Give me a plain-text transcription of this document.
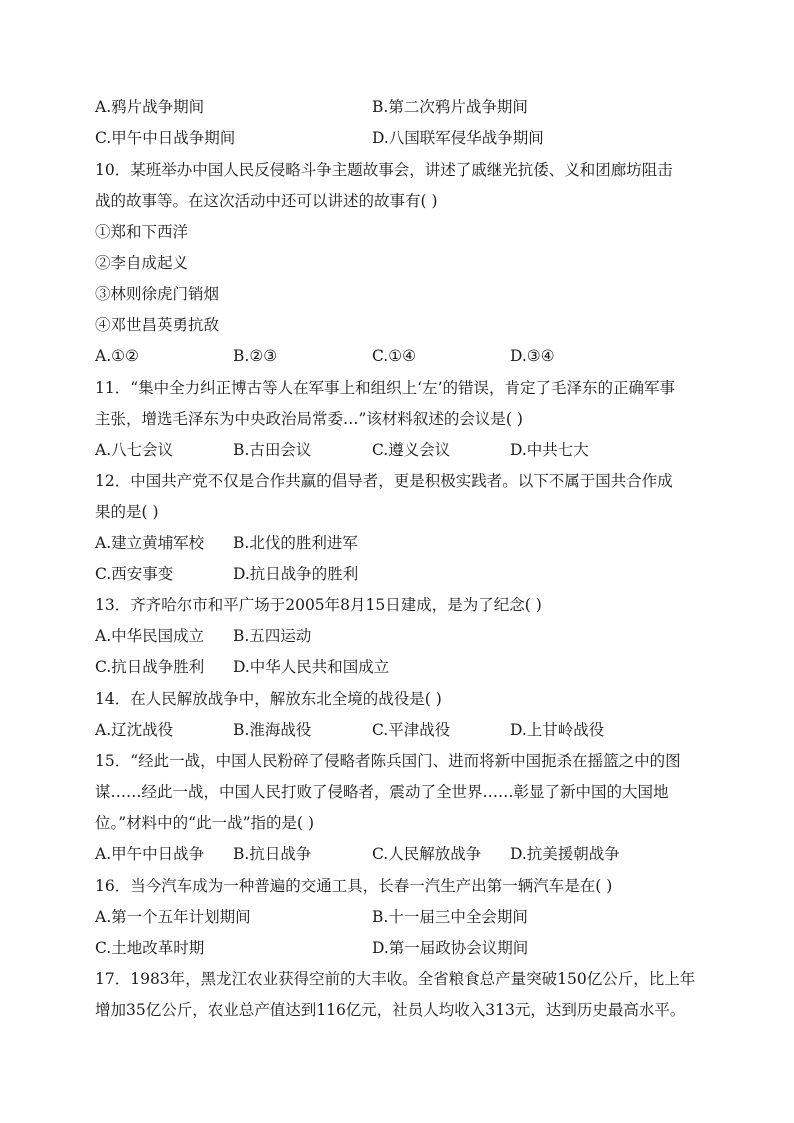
A.鸦片战争期间	B.第二次鸦片战争期间
C.甲午中日战争期间	D.八国联军侵华战争期间
10．某班举办中国人民反侵略斗争主题故事会，讲述了戚继光抗倭、义和团廊坊阻击
战的故事等。在这次活动中还可以讲述的故事有( )
①郑和下西洋
②李自成起义
③林则徐虎门销烟
④邓世昌英勇抗敌
A.①②	B.②③	C.①④	D.③④
11．“集中全力纠正博古等人在军事上和组织上‘左’的错误，肯定了毛泽东的正确军事
主张，增选毛泽东为中央政治局常委…”该材料叙述的会议是( )
A.八七会议	B.古田会议	C.遵义会议	D.中共七大
12．中国共产党不仅是合作共赢的倡导者，更是积极实践者。以下不属于国共合作成
果的是( )
A.建立黄埔军校 B.北伐的胜利进军
C.西安事变	D.抗日战争的胜利
13．齐齐哈尔市和平广场于2005年8月15日建成，是为了纪念( )
A.中华民国成立 B.五四运动
C.抗日战争胜利 D.中华人民共和国成立
14．在人民解放战争中，解放东北全境的战役是( )
A.辽沈战役	B.淮海战役	C.平津战役	D.上甘岭战役
15．“经此一战，中国人民粉碎了侵略者陈兵国门、进而将新中国扼杀在摇篮之中的图
谋……经此一战，中国人民打败了侵略者，震动了全世界……彰显了新中国的大国地
位。”材料中的“此一战”指的是( )
A.甲午中日战争 B.抗日战争	C.人民解放战争 D.抗美援朝战争
16．当今汽车成为一种普遍的交通工具，长春一汽生产出第一辆汽车是在( )
A.第一个五年计划期间	B.十一届三中全会期间
C.土地改革时期	D.第一届政协会议期间
17．1983年，黑龙江农业获得空前的大丰收。全省粮食总产量突破150亿公斤，比上年
增加35亿公斤，农业总产值达到116亿元，社员人均收入313元，达到历史最高水平。
